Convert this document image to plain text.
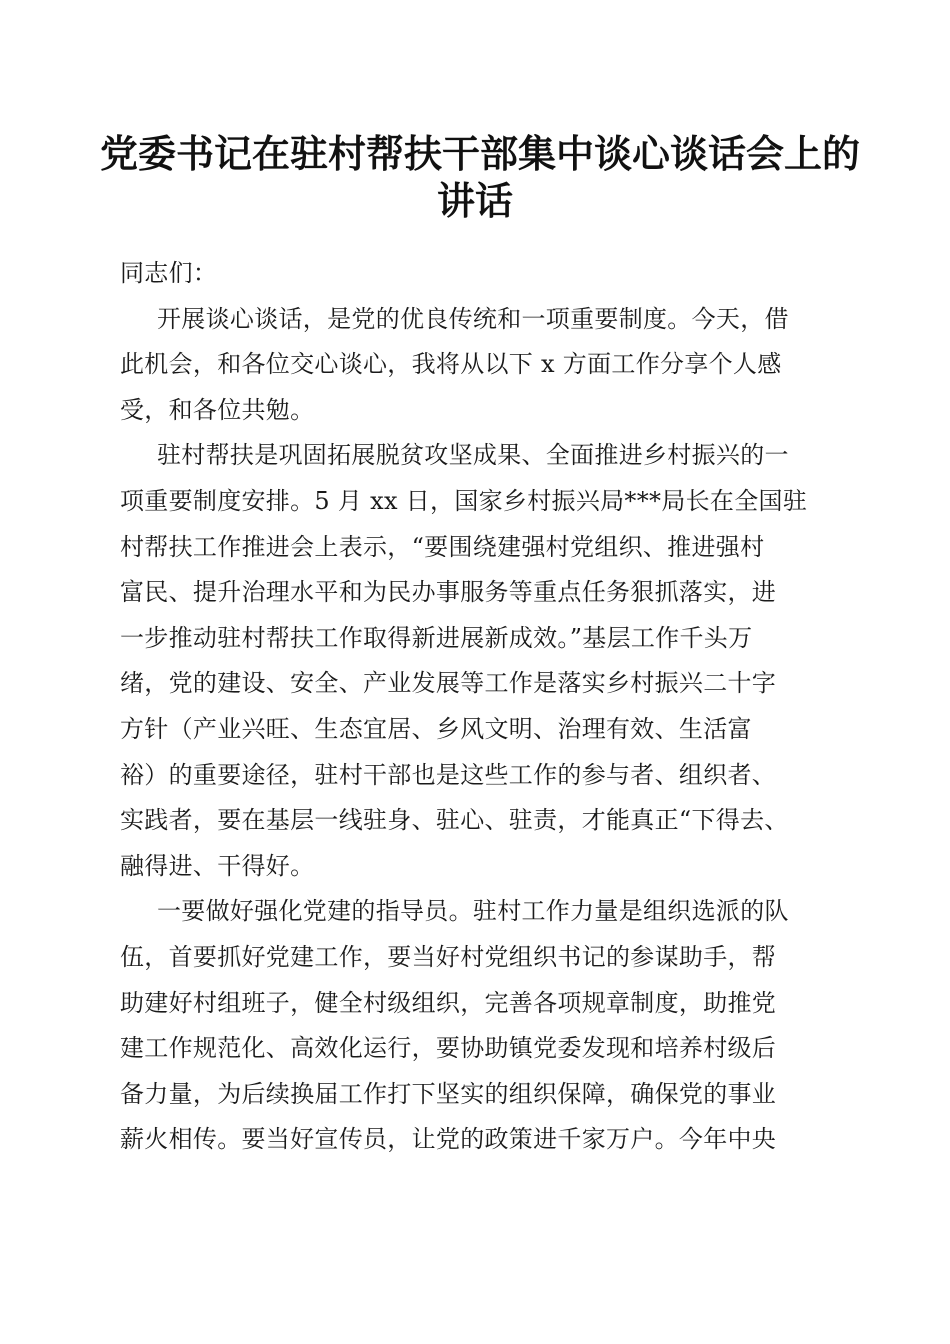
党委书记在驻村帮扶干部集中谈心谈话会上的
讲话
同志们：
开展谈心谈话，是党的优良传统和一项重要制度。今天，借
此机会，和各位交心谈心，我将从以下 x 方面工作分享个人感
受，和各位共勉。
驻村帮扶是巩固拓展脱贫攻坚成果、全面推进乡村振兴的一
项重要制度安排。5 月 xx 日，国家乡村振兴局***局长在全国驻
村帮扶工作推进会上表示，“要围绕建强村党组织、推进强村
富民、提升治理水平和为民办事服务等重点任务狠抓落实，进
一步推动驻村帮扶工作取得新进展新成效。”基层工作千头万
绪，党的建设、安全、产业发展等工作是落实乡村振兴二十字
方针（产业兴旺、生态宜居、乡风文明、治理有效、生活富
裕）的重要途径，驻村干部也是这些工作的参与者、组织者、
实践者，要在基层一线驻身、驻心、驻责，才能真正“下得去、
融得进、干得好。
一要做好强化党建的指导员。驻村工作力量是组织选派的队
伍，首要抓好党建工作，要当好村党组织书记的参谋助手，帮
助建好村组班子，健全村级组织，完善各项规章制度，助推党
建工作规范化、高效化运行，要协助镇党委发现和培养村级后
备力量，为后续换届工作打下坚实的组织保障，确保党的事业
薪火相传。要当好宣传员，让党的政策进千家万户。今年中央
